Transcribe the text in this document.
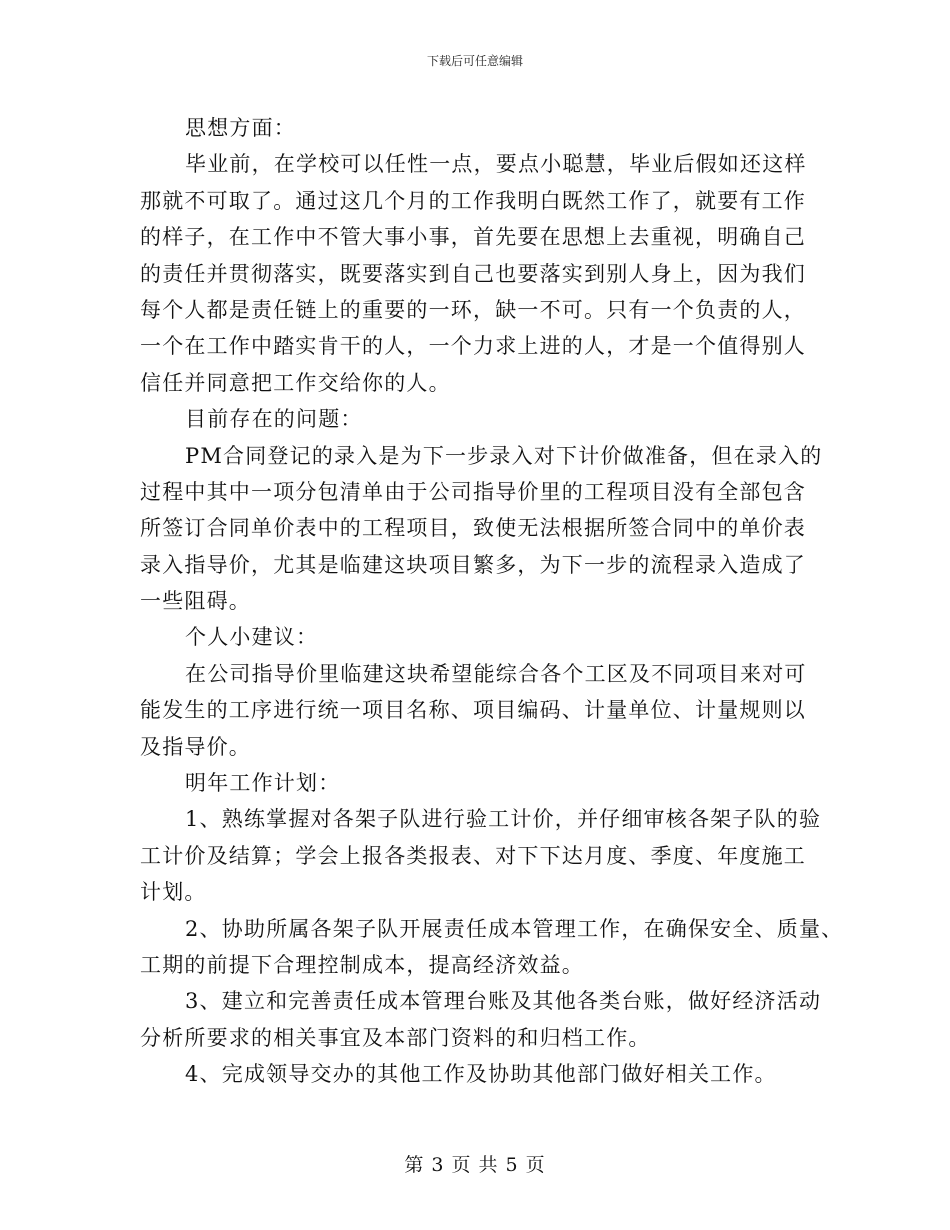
下载后可任意编辑
思想方面：
毕业前，在学校可以任性一点，要点小聪慧，毕业后假如还这样
那就不可取了。通过这几个月的工作我明白既然工作了，就要有工作
的样子，在工作中不管大事小事，首先要在思想上去重视，明确自己
的责任并贯彻落实，既要落实到自己也要落实到别人身上，因为我们
每个人都是责任链上的重要的一环，缺一不可。只有一个负责的人，
一个在工作中踏实肯干的人，一个力求上进的人，才是一个值得别人
信任并同意把工作交给你的人。
目前存在的问题：
PM合同登记的录入是为下一步录入对下计价做准备，但在录入的
过程中其中一项分包清单由于公司指导价里的工程项目没有全部包含
所签订合同单价表中的工程项目，致使无法根据所签合同中的单价表
录入指导价，尤其是临建这块项目繁多，为下一步的流程录入造成了
一些阻碍。
个人小建议：
在公司指导价里临建这块希望能综合各个工区及不同项目来对可
能发生的工序进行统一项目名称、项目编码、计量单位、计量规则以
及指导价。
明年工作计划：
1、熟练掌握对各架子队进行验工计价，并仔细审核各架子队的验
工计价及结算；学会上报各类报表、对下下达月度、季度、年度施工
计划。
2、协助所属各架子队开展责任成本管理工作，在确保安全、质量、
工期的前提下合理控制成本，提高经济效益。
3、建立和完善责任成本管理台账及其他各类台账，做好经济活动
分析所要求的相关事宜及本部门资料的和归档工作。
4、完成领导交办的其他工作及协助其他部门做好相关工作。
第 3 页 共 5 页
